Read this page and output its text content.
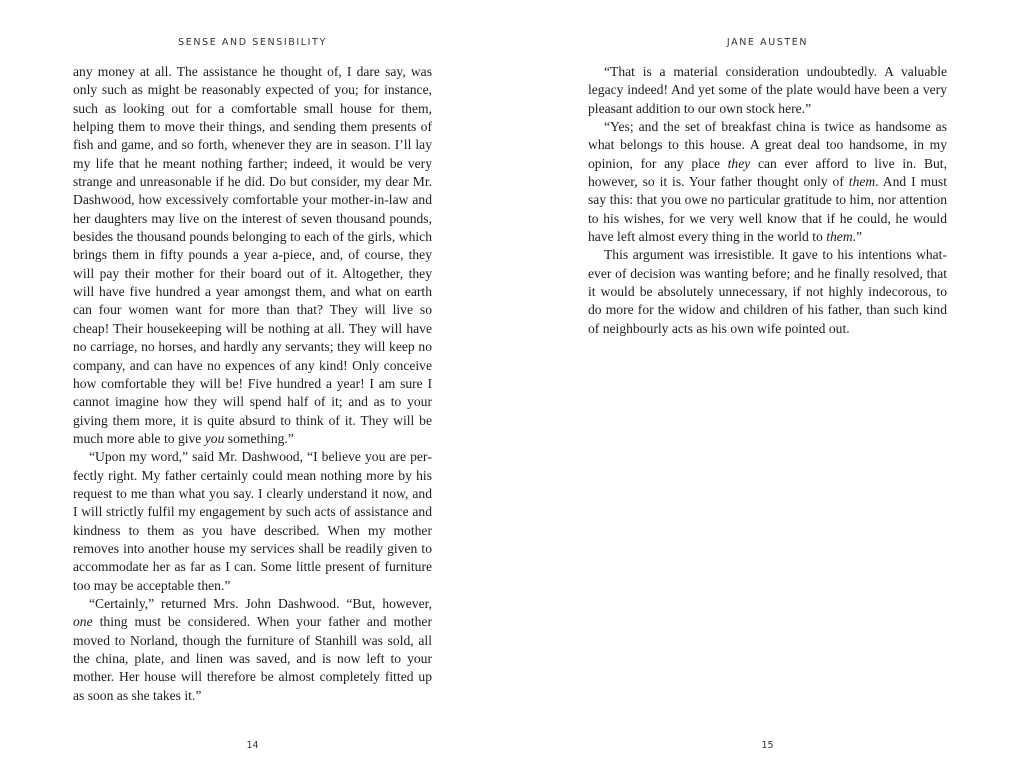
SENSE AND SENSIBILITY

any money at all. The assistance he thought of, I dare say, was only such as might be reasonably expected of you; for instance, such as looking out for a comfortable small house for them, helping them to move their things, and sending them presents of fish and game, and so forth, whenever they are in season. I’ll lay my life that he meant nothing farther; indeed, it would be very strange and unreasonable if he did. Do but consider, my dear Mr. Dashwood, how excessively comfortable your mother-in-law and her daughters may live on the interest of seven thousand pounds, besides the thousand pounds belonging to each of the girls, which brings them in fifty pounds a year a-piece, and, of course, they will pay their mother for their board out of it. Altogether, they will have five hundred a year amongst them, and what on earth can four women want for more than that? They will live so cheap! Their housekeeping will be nothing at all. They will have no carriage, no horses, and hardly any servants; they will keep no company, and can have no expences of any kind! Only conceive how comfortable they will be! Five hundred a year! I am sure I cannot imagine how they will spend half of it; and as to your giving them more, it is quite absurd to think of it. They will be much more able to give you something.”

“Upon my word,” said Mr. Dashwood, “I believe you are perfectly right. My father certainly could mean nothing more by his request to me than what you say. I clearly understand it now, and I will strictly fulfil my engagement by such acts of assistance and kindness to them as you have described. When my mother removes into another house my services shall be readily given to accommodate her as far as I can. Some little present of furniture too may be acceptable then.”

“Certainly,” returned Mrs. John Dashwood. “But, however, one thing must be considered. When your father and mother moved to Norland, though the furniture of Stanhill was sold, all the china, plate, and linen was saved, and is now left to your mother. Her house will therefore be almost completely fitted up as soon as she takes it.”

14
JANE AUSTEN

“That is a material consideration undoubtedly. A valuable legacy indeed! And yet some of the plate would have been a very pleasant addition to our own stock here.”

“Yes; and the set of breakfast china is twice as handsome as what belongs to this house. A great deal too handsome, in my opinion, for any place they can ever afford to live in. But, however, so it is. Your father thought only of them. And I must say this: that you owe no particular gratitude to him, nor attention to his wishes, for we very well know that if he could, he would have left almost every thing in the world to them.”

This argument was irresistible. It gave to his intentions whatever of decision was wanting before; and he finally resolved, that it would be absolutely unnecessary, if not highly indecorous, to do more for the widow and children of his father, than such kind of neighbourly acts as his own wife pointed out.

15
